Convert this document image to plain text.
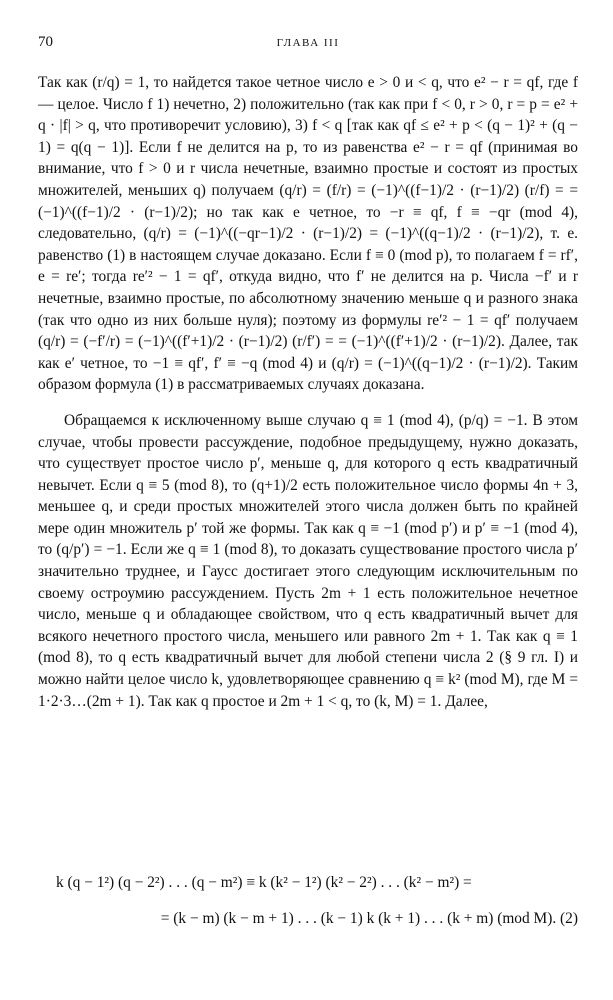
70	ГЛАВА III

Так как (r/q) = 1, то найдется такое четное число e > 0 и < q, что e² − r = qf, где f — целое. Число f 1) нечетно, 2) положительно (так как при f < 0, r > 0, r = p = e² + q · |f| > q, что противоречит условию), 3) f < q [так как qf ≤ e² + p < (q − 1)² + (q − 1) = q(q − 1)]. Если f не делится на p, то из равенства e² − r = qf (принимая во внимание, что f > 0 и r числа нечетные, взаимно простые и состоят из простых множителей, меньших q) получаем (q/r) = (f/r) = (−1)^((f−1)/2 · (r−1)/2) (r/f) = = (−1)^((f−1)/2 · (r−1)/2); но так как e четное, то −r ≡ qf, f ≡ −qr (mod 4), следовательно, (q/r) = (−1)^((−qr−1)/2 · (r−1)/2) = (−1)^((q−1)/2 · (r−1)/2), т. е. равенство (1) в настоящем случае доказано. Если f ≡ 0 (mod p), то полагаем f = rf′, e = re′; тогда re′² − 1 = qf′, откуда видно, что f′ не делится на p. Числа −f′ и r нечетные, взаимно простые, по абсолютному значению меньше q и разного знака (так что одно из них больше нуля); поэтому из формулы re′² − 1 = qf′ получаем (q/r) = (−f′/r) = (−1)^((f′+1)/2 · (r−1)/2) (r/f′) = = (−1)^((f′+1)/2 · (r−1)/2). Далее, так как e′ четное, то −1 ≡ qf′, f′ ≡ −q (mod 4) и (q/r) = (−1)^((q−1)/2 · (r−1)/2). Таким образом формула (1) в рассматриваемых случаях доказана.

Обращаемся к исключенному выше случаю q ≡ 1 (mod 4), (p/q) = −1. В этом случае, чтобы провести рассуждение, подобное предыдущему, нужно доказать, что существует простое число p′, меньше q, для которого q есть квадратичный невычет. Если q ≡ 5 (mod 8), то (q+1)/2 есть положительное число формы 4n + 3, меньшее q, и среди простых множителей этого числа должен быть по крайней мере один множитель p′ той же формы. Так как q ≡ −1 (mod p′) и p′ ≡ −1 (mod 4), то (q/p′) = −1. Если же q ≡ 1 (mod 8), то доказать существование простого числа p′ значительно труднее, и Гаусс достигает этого следующим исключительным по своему остроумию рассуждением. Пусть 2m + 1 есть положительное нечетное число, меньше q и обладающее свойством, что q есть квадратичный вычет для всякого нечетного простого числа, меньшего или равного 2m + 1. Так как q ≡ 1 (mod 8), то q есть квадратичный вычет для любой степени числа 2 (§ 9 гл. I) и можно найти целое число k, удовлетворяющее сравнению q ≡ k² (mod M), где M = 1·2·3…(2m + 1). Так как q простое и 2m + 1 < q, то (k, M) = 1. Далее,

k (q − 1²) (q − 2²) . . . (q − m²) ≡ k (k² − 1²) (k² − 2²) . . . (k² − m²) =
= (k − m) (k − m + 1) . . . (k − 1) k (k + 1) . . . (k + m) (mod M). (2)
